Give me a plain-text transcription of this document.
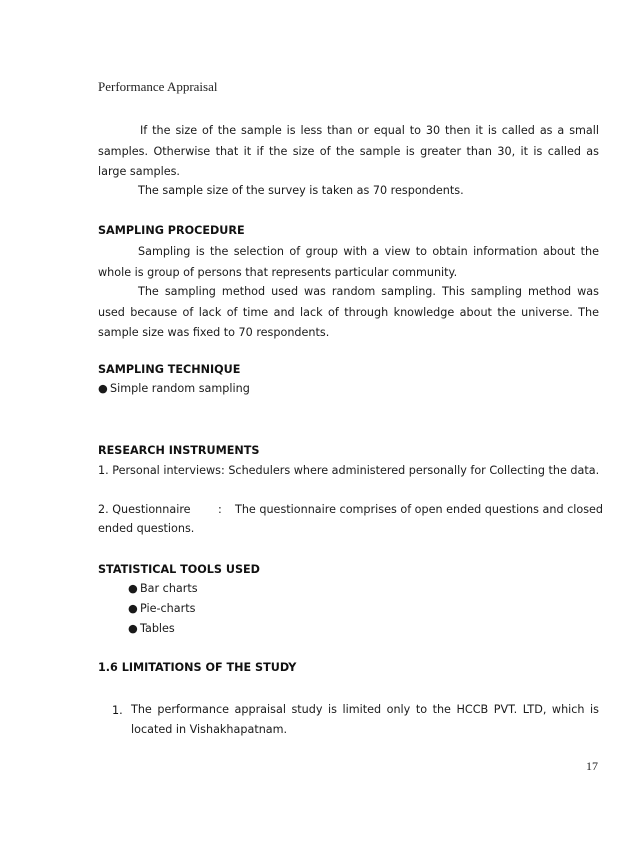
Performance Appraisal
If the size of the sample is less than or equal to 30 then it is called as a small samples. Otherwise that it if the size of the sample is greater than 30, it is called as large samples.
The sample size of the survey is taken as 70 respondents.
SAMPLING PROCEDURE
Sampling is the selection of group with a view to obtain information about the whole is group of persons that represents particular community.
The sampling method used was random sampling. This sampling method was used because of lack of time and lack of through knowledge about the universe. The sample size was fixed to 70 respondents.
SAMPLING TECHNIQUE
● Simple random sampling
RESEARCH INSTRUMENTS
1. Personal interviews: Schedulers where administered personally for Collecting the data.
2. Questionnaire : The questionnaire comprises of open ended questions and closed
ended questions.
STATISTICAL TOOLS USED
● Bar charts
● Pie-charts
● Tables
1.6 LIMITATIONS OF THE STUDY
1. The performance appraisal study is limited only to the HCCB PVT. LTD, which is located in Vishakhapatnam.
17
